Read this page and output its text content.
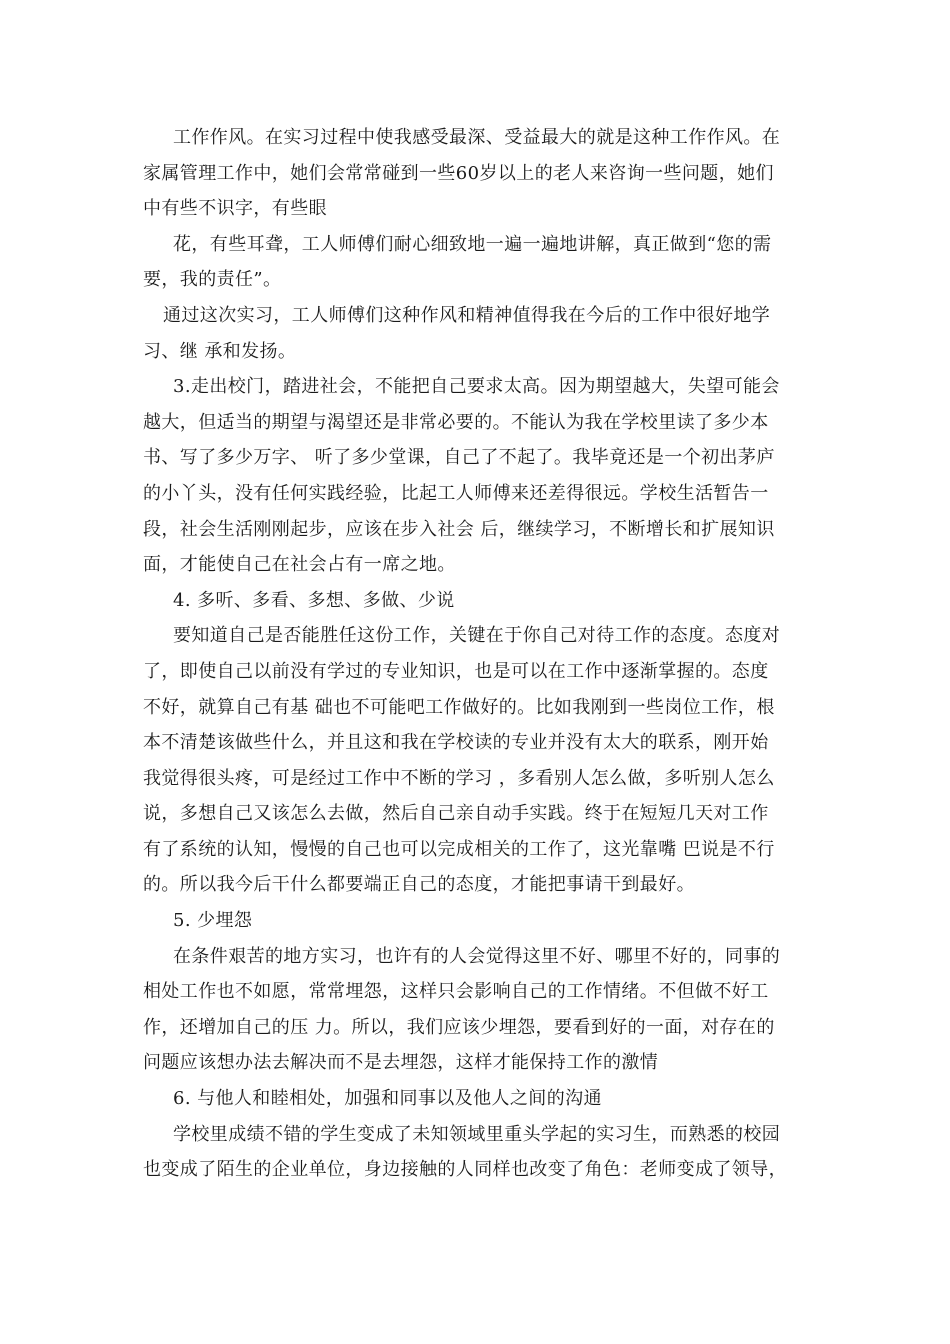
工作作风。在实习过程中使我感受最深、受益最大的就是这种工作作风。在
家属管理工作中，她们会常常碰到一些60岁以上的老人来咨询一些问题，她们
中有些不识字，有些眼
花，有些耳聋，工人师傅们耐心细致地一遍一遍地讲解，真正做到“您的需
要，我的责任”。
通过这次实习，工人师傅们这种作风和精神值得我在今后的工作中很好地学
习、继 承和发扬。
3.走出校门，踏进社会，不能把自己要求太高。因为期望越大，失望可能会
越大，但适当的期望与渴望还是非常必要的。不能认为我在学校里读了多少本
书、写了多少万字、 听了多少堂课，自己了不起了。我毕竟还是一个初出茅庐
的小丫头，没有任何实践经验，比起工人师傅来还差得很远。学校生活暂告一
段，社会生活刚刚起步，应该在步入社会 后，继续学习，不断增长和扩展知识
面，才能使自己在社会占有一席之地。
4. 多听、多看、多想、多做、少说
要知道自己是否能胜任这份工作，关键在于你自己对待工作的态度。态度对
了，即使自己以前没有学过的专业知识，也是可以在工作中逐渐掌握的。态度
不好，就算自己有基 础也不可能吧工作做好的。比如我刚到一些岗位工作，根
本不清楚该做些什么，并且这和我在学校读的专业并没有太大的联系，刚开始
我觉得很头疼，可是经过工作中不断的学习 ，多看别人怎么做，多听别人怎么
说，多想自己又该怎么去做，然后自己亲自动手实践。终于在短短几天对工作
有了系统的认知，慢慢的自己也可以完成相关的工作了，这光靠嘴 巴说是不行
的。所以我今后干什么都要端正自己的态度，才能把事请干到最好。
5. 少埋怨
在条件艰苦的地方实习，也许有的人会觉得这里不好、哪里不好的，同事的
相处工作也不如愿，常常埋怨，这样只会影响自己的工作情绪。不但做不好工
作，还增加自己的压 力。所以，我们应该少埋怨，要看到好的一面，对存在的
问题应该想办法去解决而不是去埋怨，这样才能保持工作的激情
6. 与他人和睦相处，加强和同事以及他人之间的沟通
学校里成绩不错的学生变成了未知领域里重头学起的实习生，而熟悉的校园
也变成了陌生的企业单位，身边接触的人同样也改变了角色：老师变成了领导，
